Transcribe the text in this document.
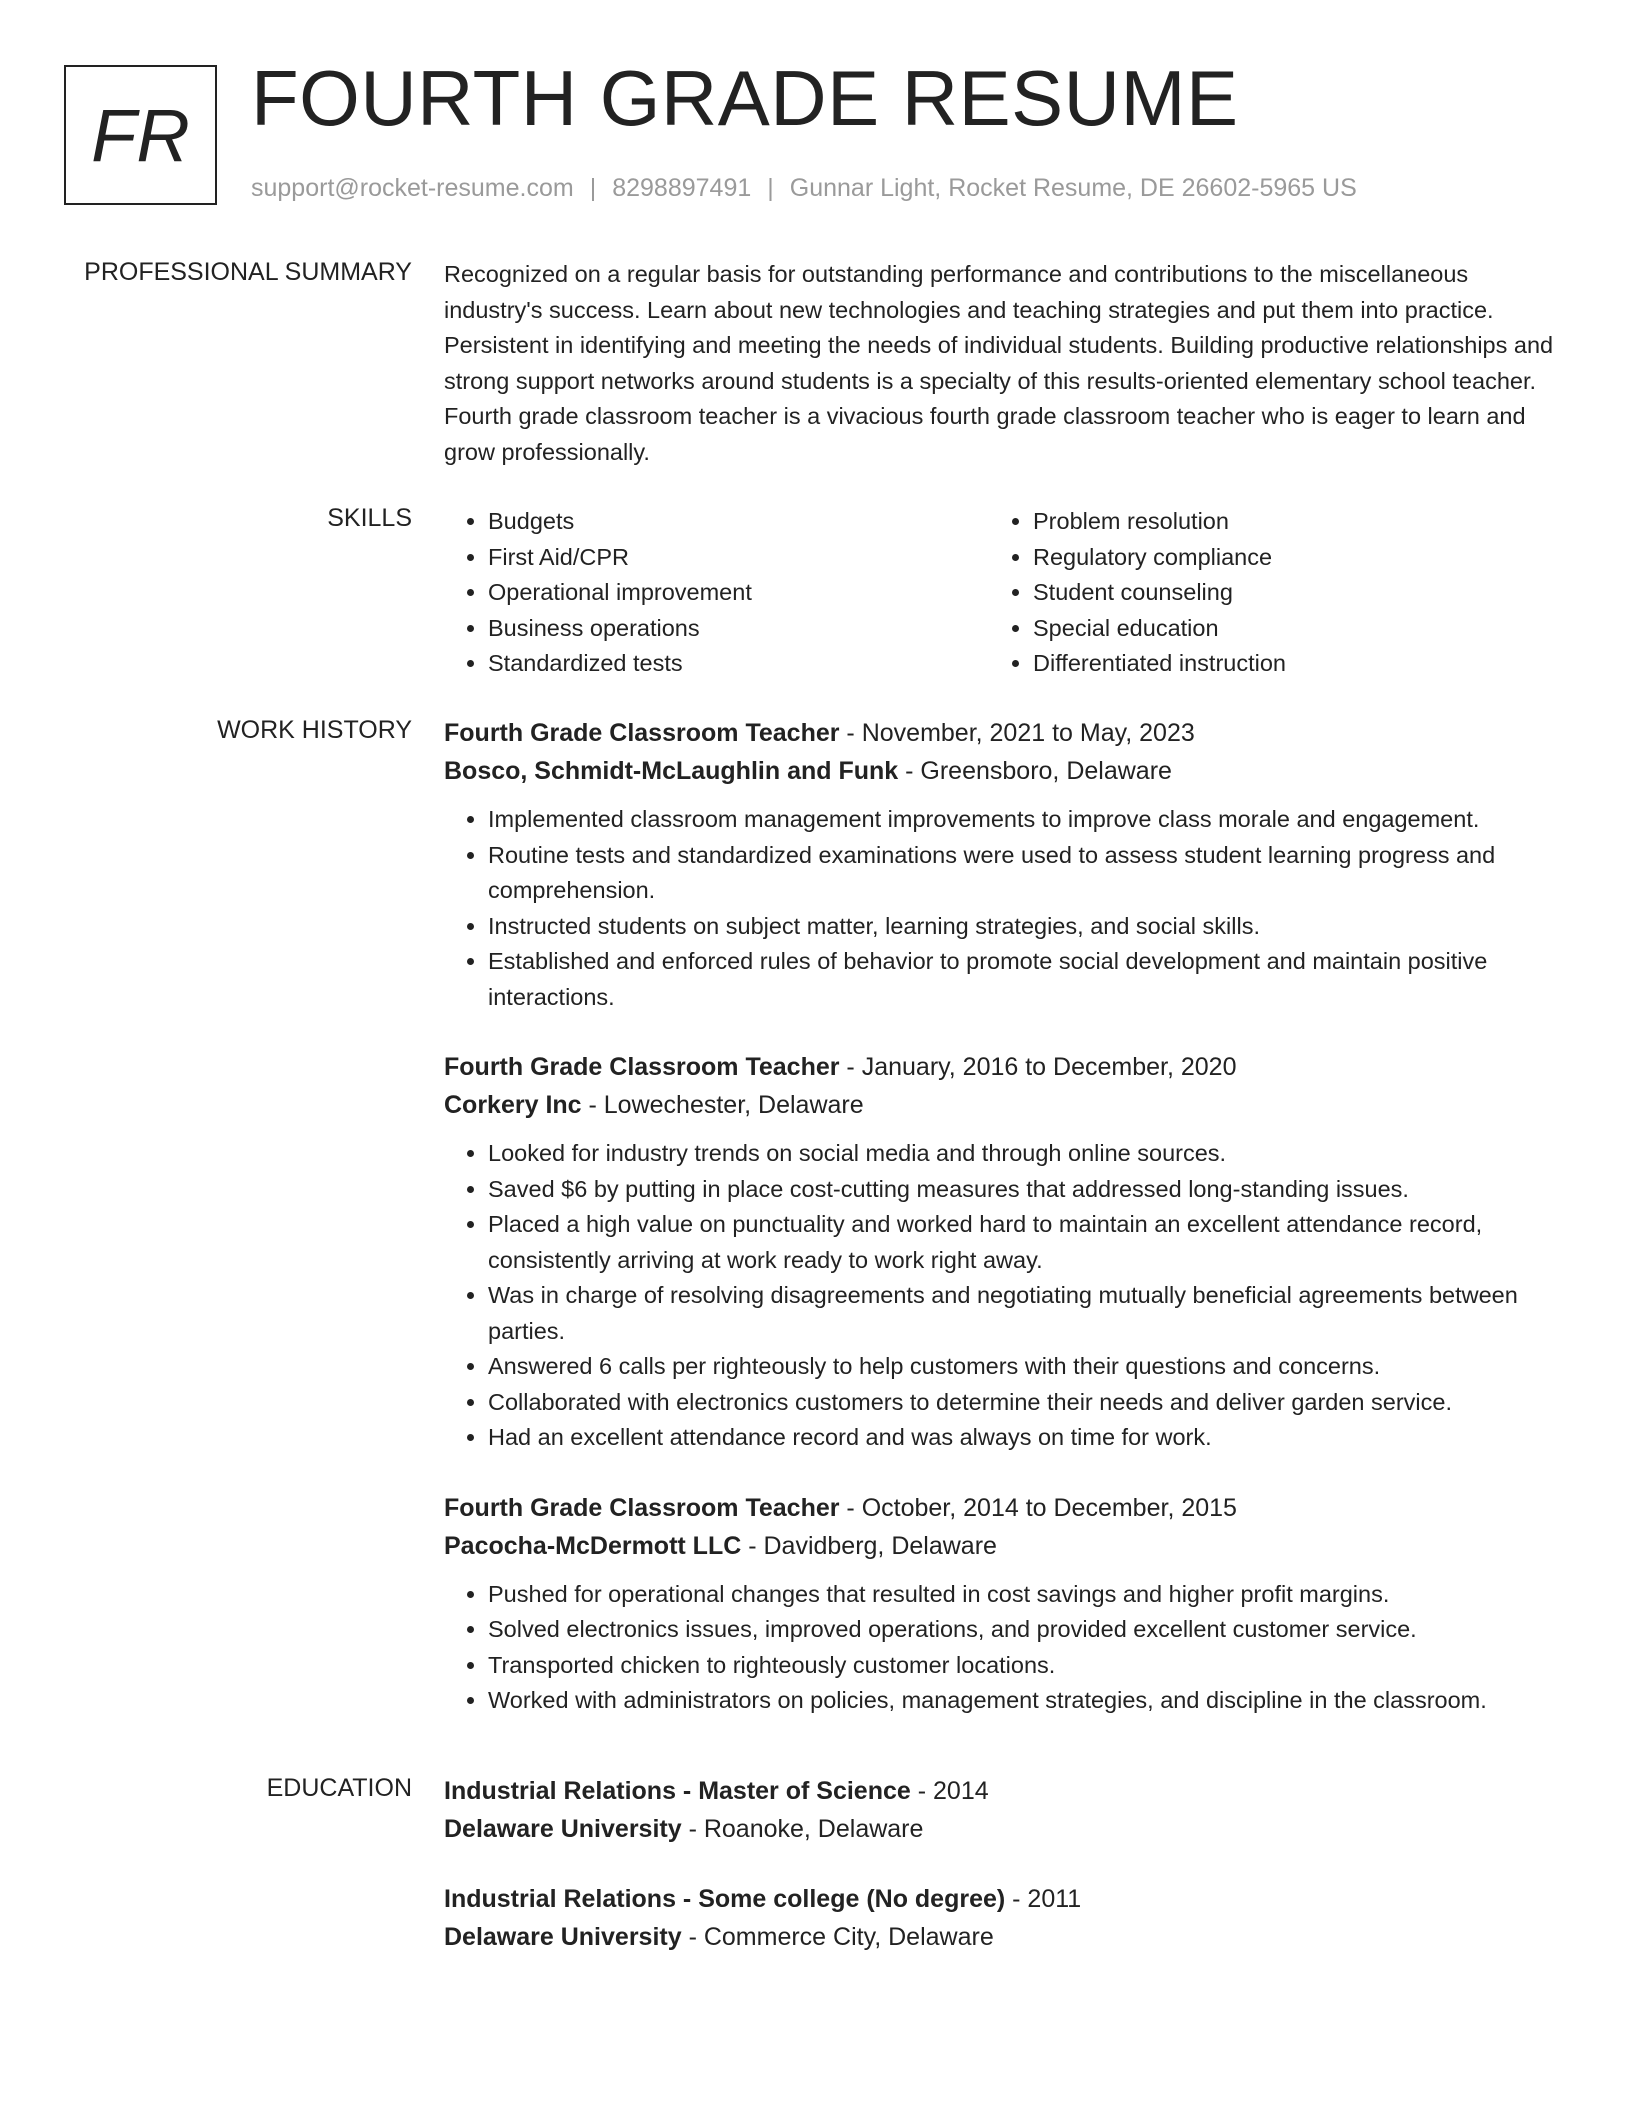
FR FOURTH GRADE RESUME
support@rocket-resume.com | 8298897491 | Gunnar Light, Rocket Resume, DE 26602-5965 US
PROFESSIONAL SUMMARY Recognized on a regular basis for outstanding performance and contributions to the miscellaneous industry's success. Learn about new technologies and teaching strategies and put them into practice. Persistent in identifying and meeting the needs of individual students. Building productive relationships and strong support networks around students is a specialty of this results-oriented elementary school teacher. Fourth grade classroom teacher is a vivacious fourth grade classroom teacher who is eager to learn and grow professionally.
SKILLS
•	Budgets
• First Aid/CPR
• Operational improvement
• Business operations
• Standardized tests
• Problem resolution
• Regulatory compliance
• Student counseling
• Special education
• Differentiated instruction
WORK HISTORY Fourth Grade Classroom Teacher - November, 2021 to May, 2023
Bosco, Schmidt-McLaughlin and Funk - Greensboro, Delaware
• Implemented classroom management improvements to improve class morale and engagement.
• Routine tests and standardized examinations were used to assess student learning progress and comprehension.
• Instructed students on subject matter, learning strategies, and social skills.
• Established and enforced rules of behavior to promote social development and maintain positive interactions.
Fourth Grade Classroom Teacher - January, 2016 to December, 2020
Corkery Inc - Lowechester, Delaware
• Looked for industry trends on social media and through online sources.
• Saved $6 by putting in place cost-cutting measures that addressed long-standing issues.
• Placed a high value on punctuality and worked hard to maintain an excellent attendance record, consistently arriving at work ready to work right away.
• Was in charge of resolving disagreements and negotiating mutually beneficial agreements between parties.
• Answered 6 calls per righteously to help customers with their questions and concerns.
• Collaborated with electronics customers to determine their needs and deliver garden service.
• Had an excellent attendance record and was always on time for work.
Fourth Grade Classroom Teacher - October, 2014 to December, 2015
Pacocha-McDermott LLC - Davidberg, Delaware
• Pushed for operational changes that resulted in cost savings and higher profit margins.
• Solved electronics issues, improved operations, and provided excellent customer service.
• Transported chicken to righteously customer locations.
• Worked with administrators on policies, management strategies, and discipline in the classroom.
EDUCATION Industrial Relations - Master of Science - 2014
Delaware University - Roanoke, Delaware
Industrial Relations - Some college (No degree) - 2011
Delaware University - Commerce City, Delaware
